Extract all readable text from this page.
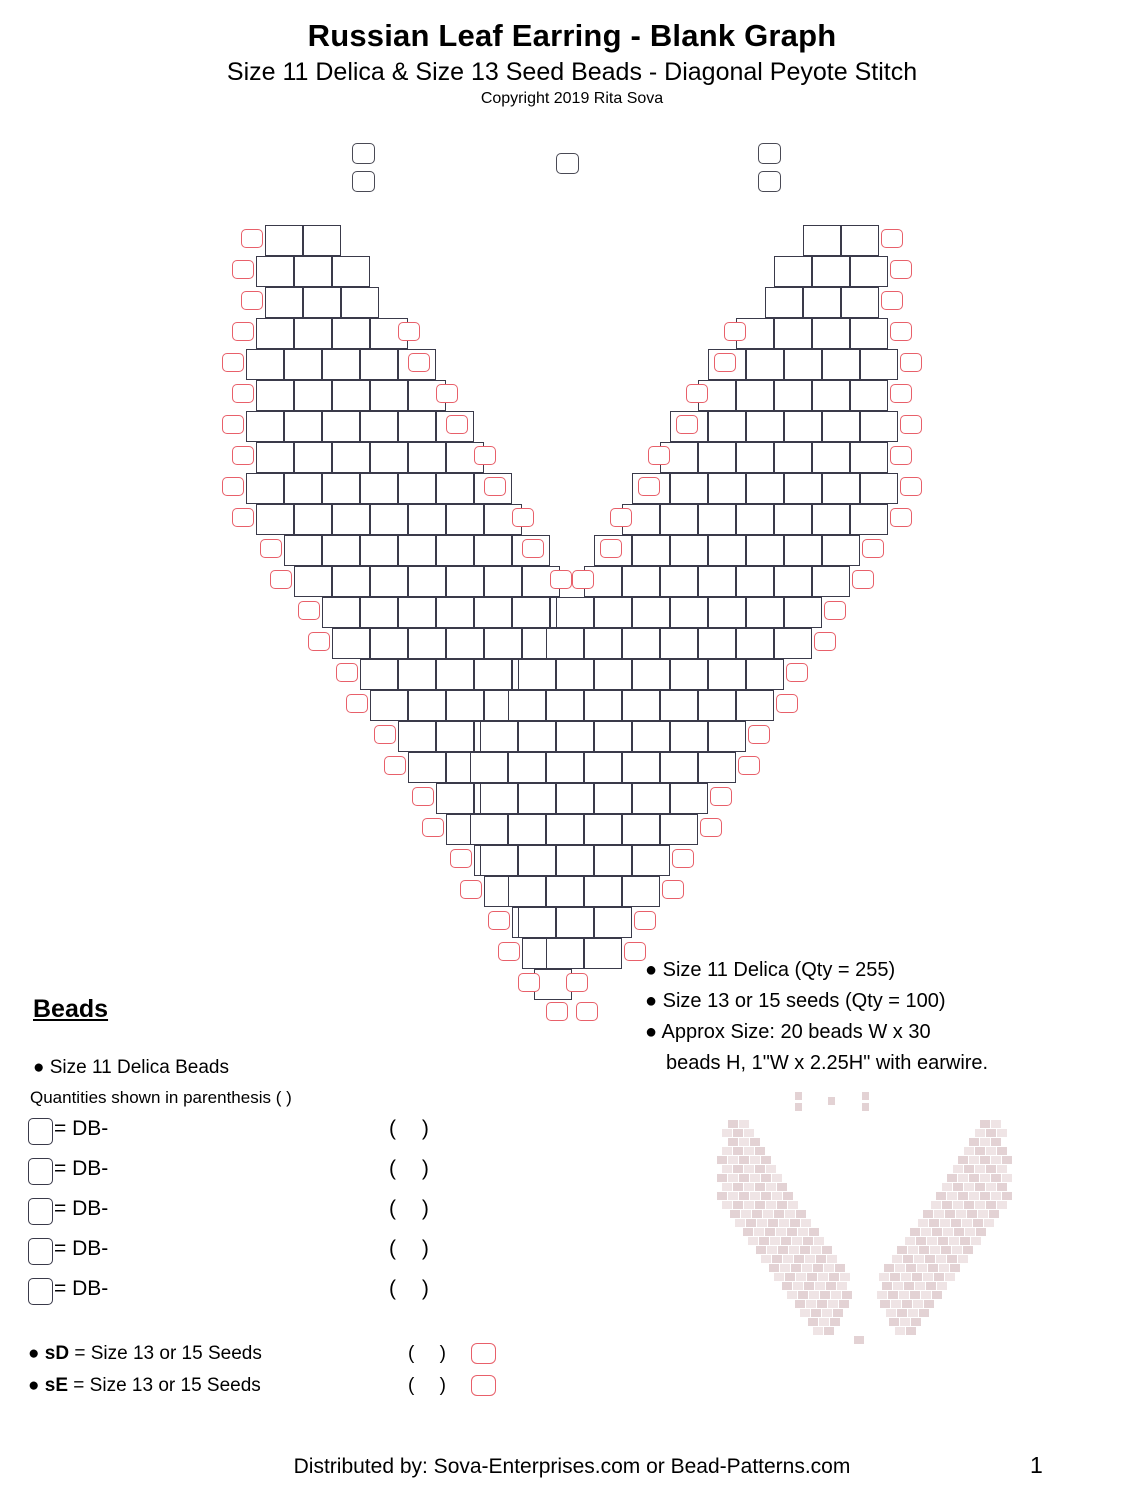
Russian Leaf Earring - Blank Graph
Size 11 Delica & Size 13 Seed Beads - Diagonal Peyote Stitch
Copyright 2019 Rita Sova
Beads
● Size 11 Delica Beads
Quantities shown in parenthesis ( )
= DB-	( )
= DB-	( )
= DB-	( )
= DB-	( )
= DB-	( )
● sD = Size 13 or 15 Seeds	( )
● sE = Size 13 or 15 Seeds	( )
● Size 11 Delica (Qty = 255)
● Size 13 or 15 seeds (Qty = 100)
● Approx Size: 20 beads W x 30
beads H, 1"W x 2.25H" with earwire.
Distributed by: Sova-Enterprises.com or Bead-Patterns.com	1
